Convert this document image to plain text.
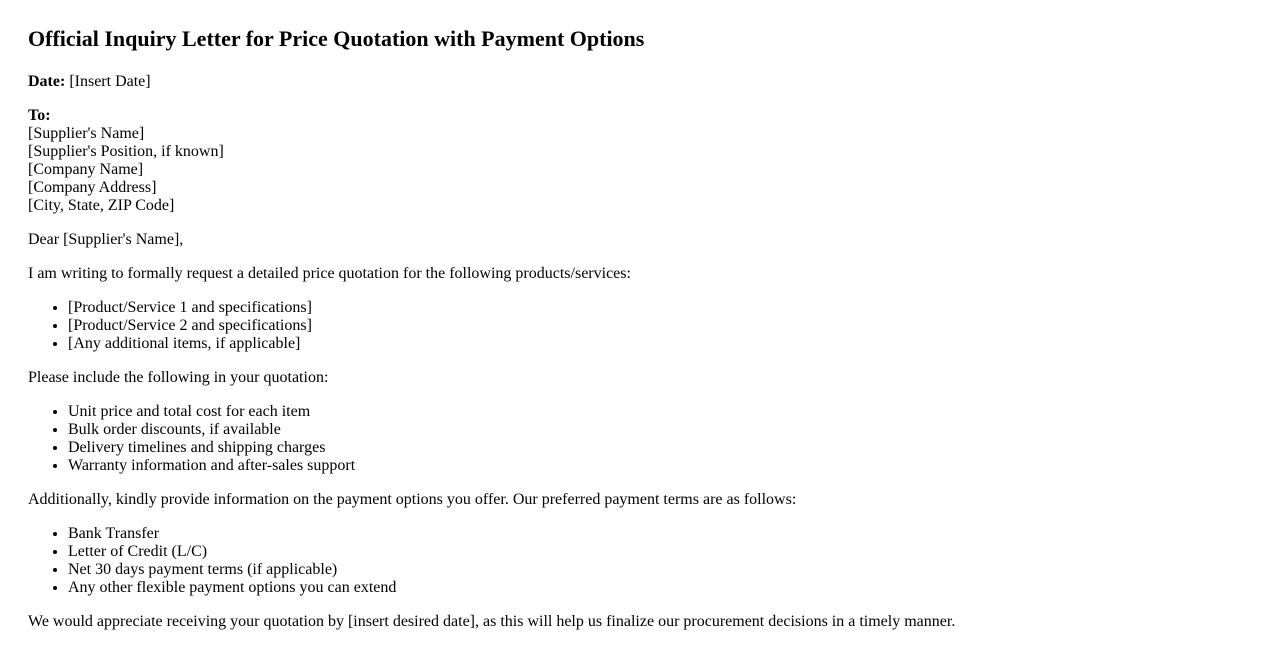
Official Inquiry Letter for Price Quotation with Payment Options

Date: [Insert Date]

To:
[Supplier's Name]
[Supplier's Position, if known]
[Company Name]
[Company Address]
[City, State, ZIP Code]

Dear [Supplier's Name],

I am writing to formally request a detailed price quotation for the following products/services:

• [Product/Service 1 and specifications]
• [Product/Service 2 and specifications]
• [Any additional items, if applicable]

Please include the following in your quotation:

• Unit price and total cost for each item
• Bulk order discounts, if available
• Delivery timelines and shipping charges
• Warranty information and after-sales support

Additionally, kindly provide information on the payment options you offer. Our preferred payment terms are as follows:

• Bank Transfer
• Letter of Credit (L/C)
• Net 30 days payment terms (if applicable)
• Any other flexible payment options you can extend

We would appreciate receiving your quotation by [insert desired date], as this will help us finalize our procurement decisions in a timely manner.
